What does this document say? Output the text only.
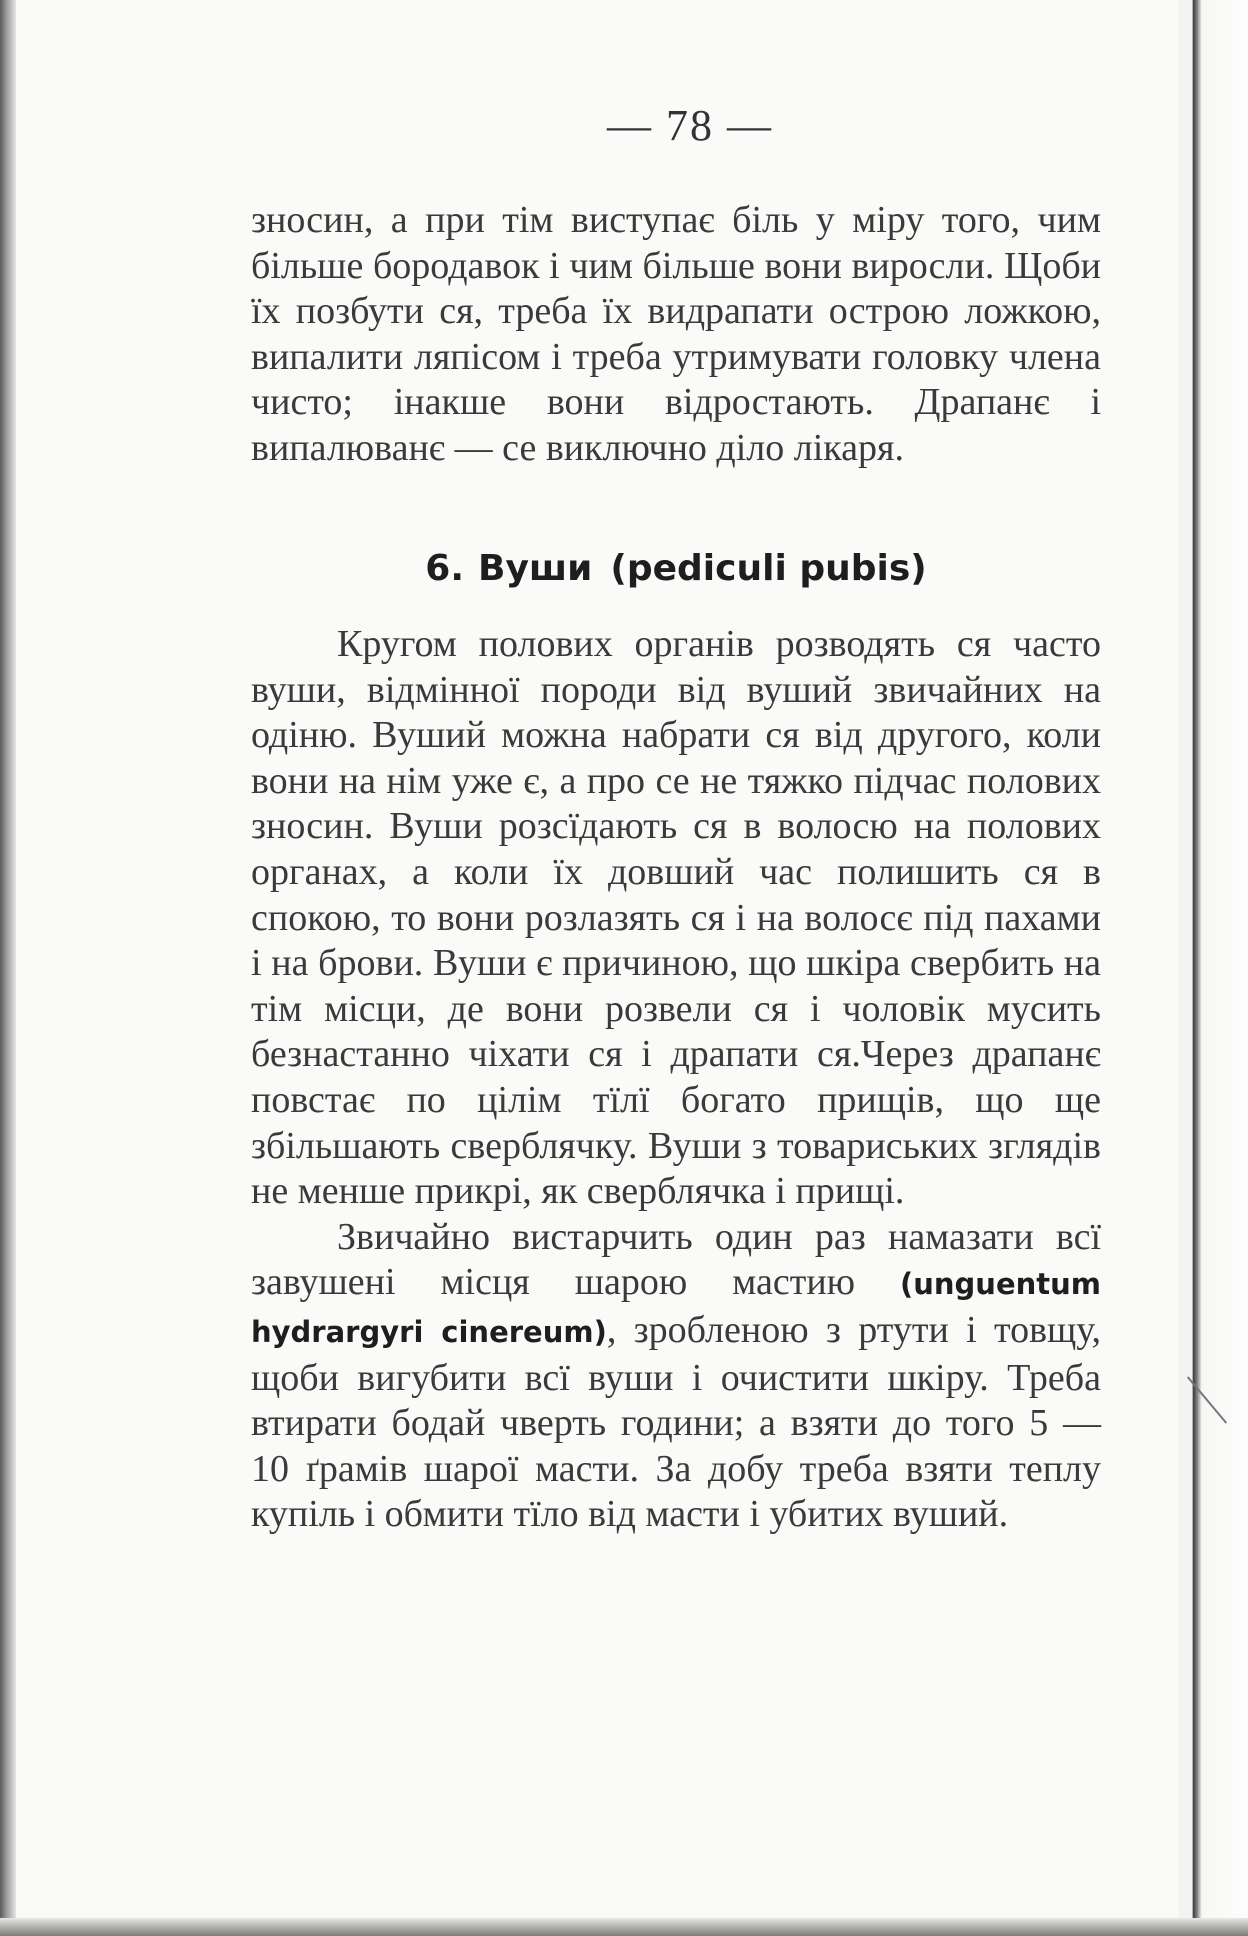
— 78 —

зносин, а при тім виступає біль у міру того, чим більше бородавок і чим більше вони виросли. Щоби їх позбути ся, треба їх видрапати острою ложкою, випалити ляпісом і треба утримувати головку члена чисто; інакше вони відростають. Драпанє і випалюванє — се виключно діло лікаря.

6. Вуши (pediculi pubis)

Кругом полових органів розводять ся часто вуши, відмінної породи від вуший звичайних на одіню. Вуший можна набрати ся від другого, коли вони на нім уже є, а про се не тяжко підчас полових зносин. Вуши розсїдають ся в волосю на полових органах, а коли їх довший час полишить ся в спокою, то вони розлазять ся і на волосє під пахами і на брови. Вуши є причиною, що шкіра свербить на тім місци, де вони розвели ся і чоловік мусить безнастанно чіхати ся і драпати ся.Через драпанє повстає по цілім тїлї богато прищів, що ще збільшають сверблячку. Вуши з товариських зглядів не менше прикрі, як сверблячка і прищі.

Звичайно вистарчить один раз намазати всї завушені місця шарою мастию (unguentum hydrargyri cinereum), зробленою з ртути і товщу, щоби вигубити всї вуши і очистити шкіру. Треба втирати бодай чверть години; а взяти до того 5 — 10 ґрамів шарої масти. За добу треба взяти теплу купіль і обмити тїло від масти і убитих вуший.
